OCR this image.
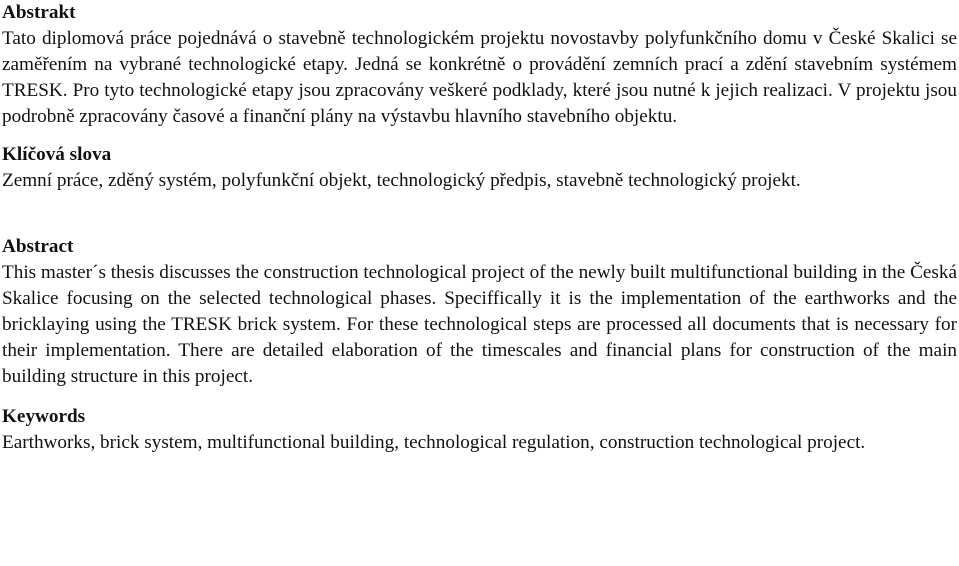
Abstrakt

Tato diplomová práce pojednává o stavebně technologickém projektu novostavby polyfunkčního domu v České Skalici se zaměřením na vybrané technologické etapy. Jedná se konkrétně o provádění zemních prací a zdění stavebním systémem TRESK. Pro tyto technologické etapy jsou zpracovány veškeré podklady, které jsou nutné k jejich realizaci. V projektu jsou podrobně zpracovány časové a finanční plány na výstavbu hlavního stavebního objektu.

Klíčová slova

Zemní práce, zděný systém, polyfunkční objekt, technologický předpis, stavebně technologický projekt.

Abstract

This master´s thesis discusses the construction technological project of the newly built multifunctional building in the Česká Skalice focusing on the selected technological phases. Speciffically it is the implementation of the earthworks and the bricklaying using the TRESK brick system. For these technological steps are processed all documents that is necessary for their implementation. There are detailed elaboration of the timescales and financial plans for construction of the main building structure in this project.

Keywords

Earthworks, brick system, multifunctional building, technological regulation, construction technological project.
